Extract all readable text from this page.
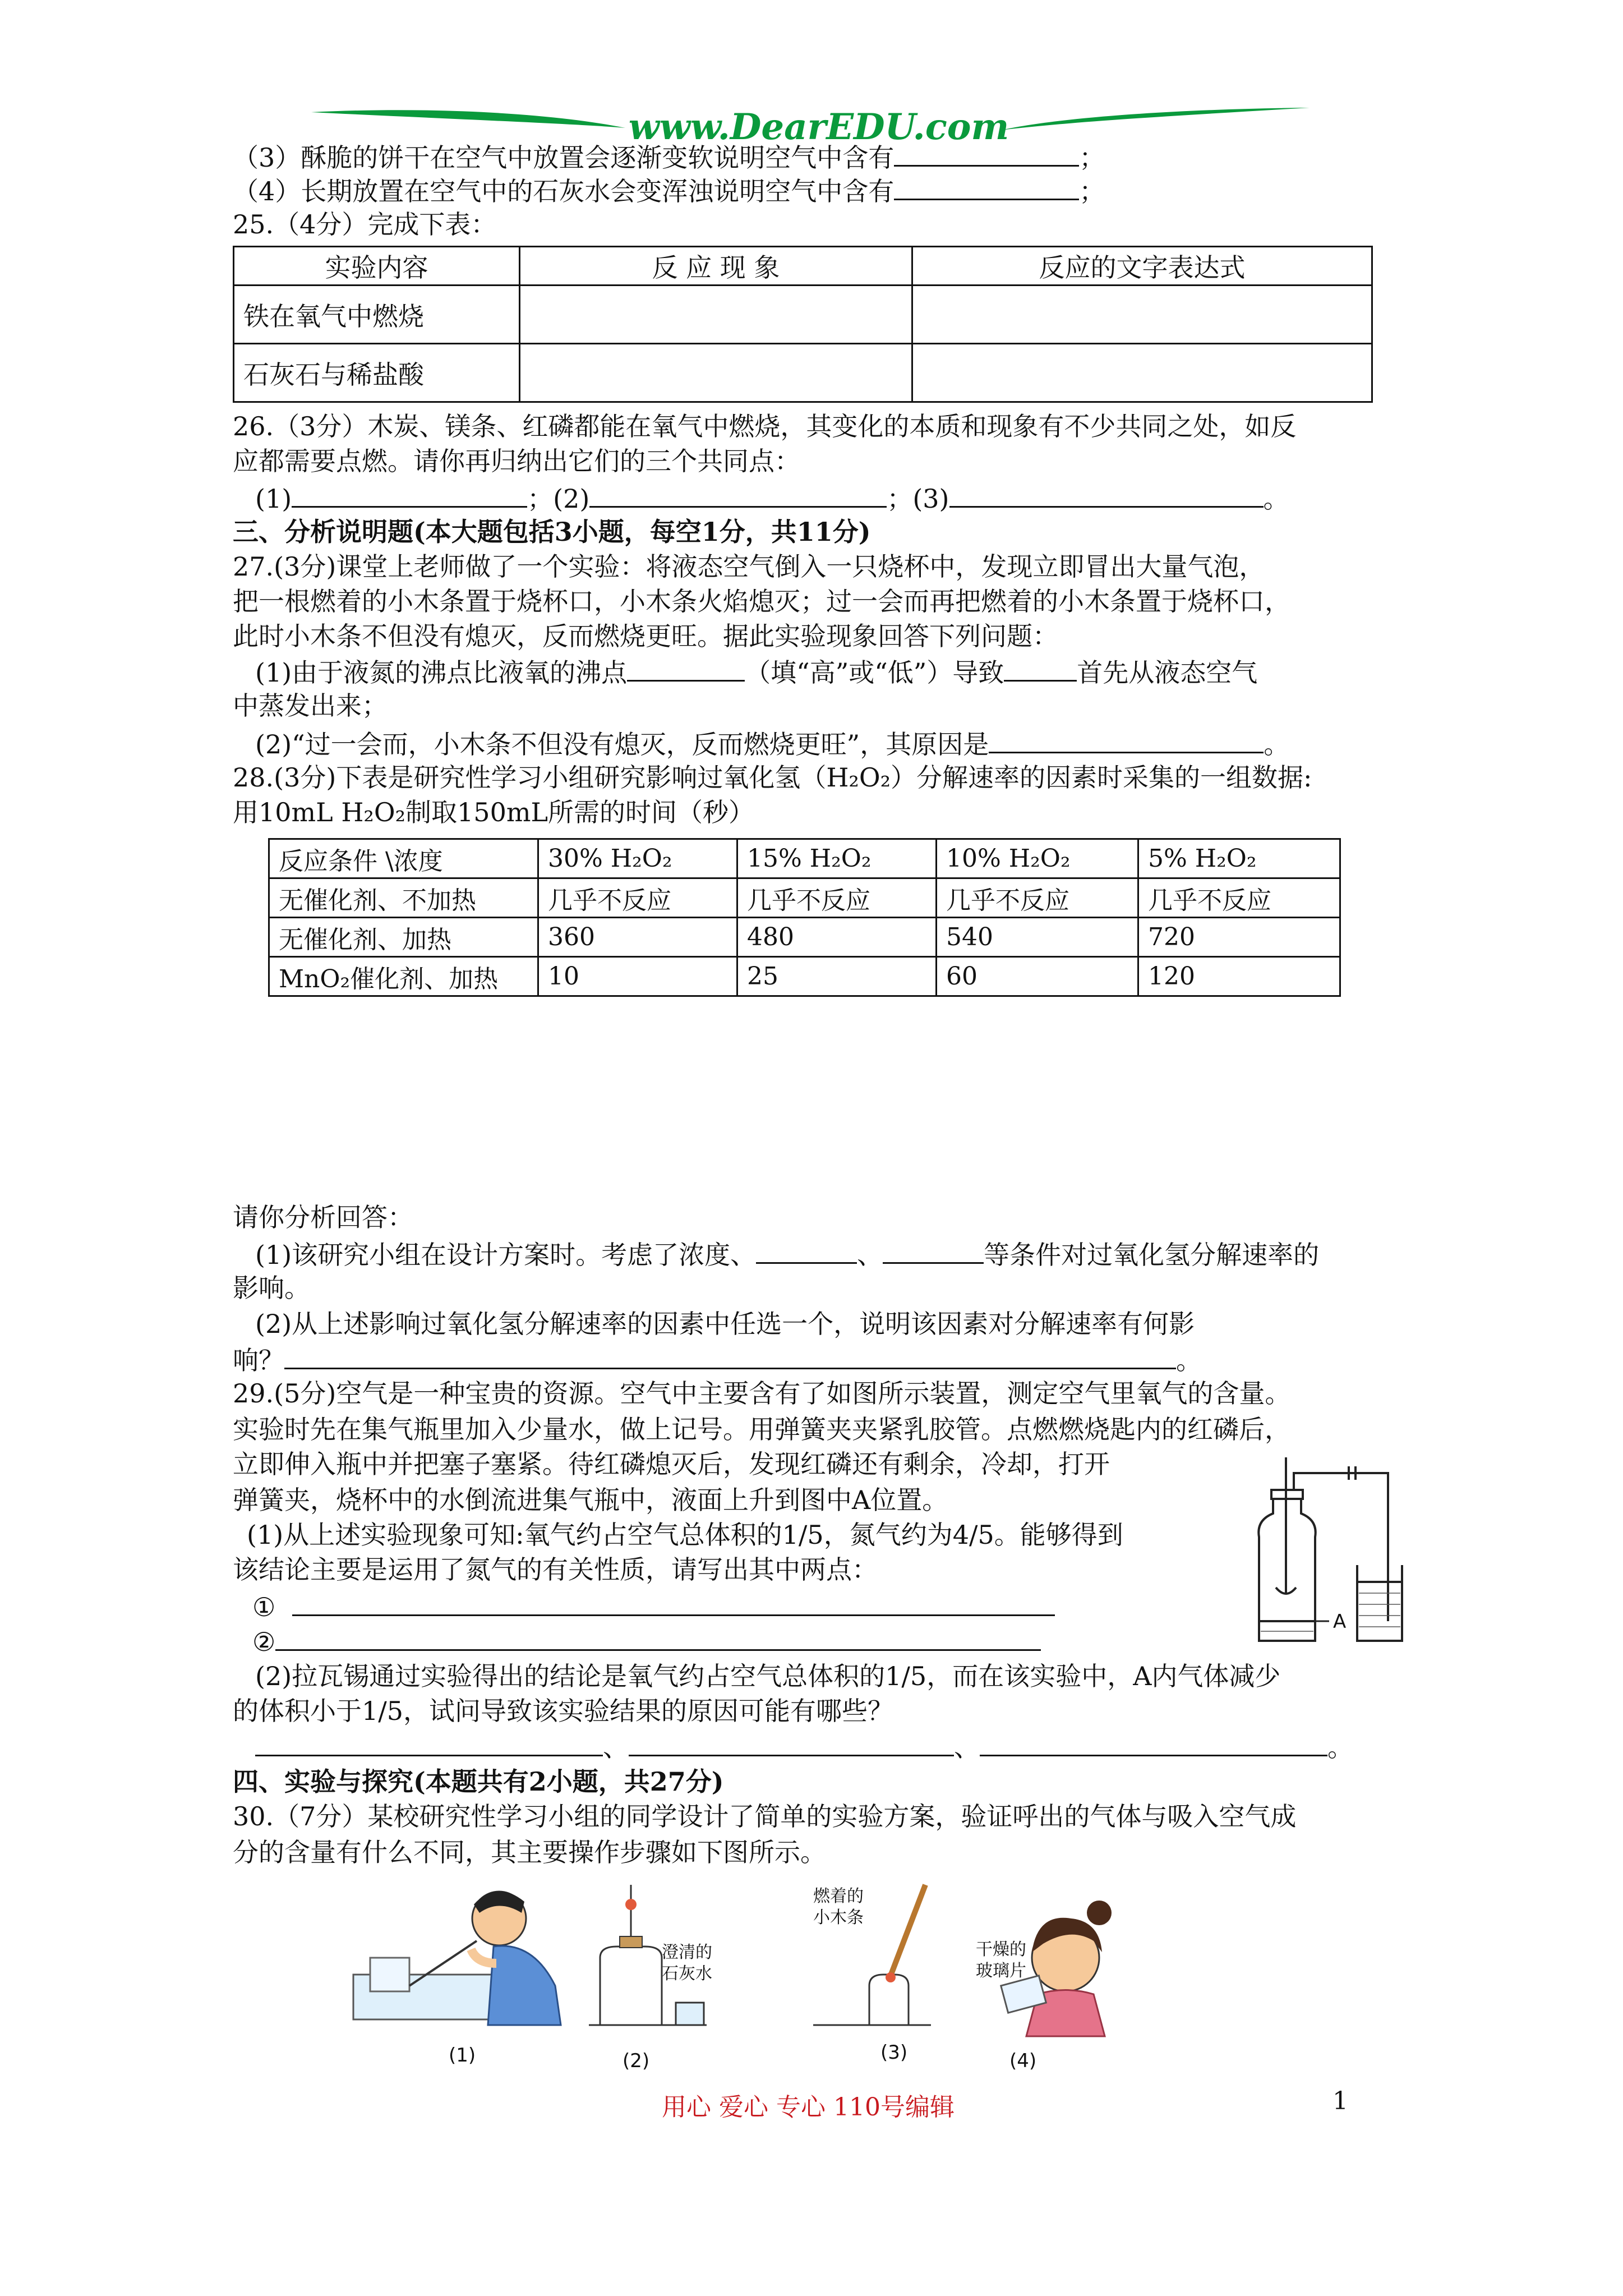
www.DearEDU.com
（3）酥脆的饼干在空气中放置会逐渐变软说明空气中含有	；
（4）长期放置在空气中的石灰水会变浑浊说明空气中含有	；
25.（4分）完成下表：
实验内容	反 应 现 象	反应的文字表达式
铁在氧气中燃烧		
石灰石与稀盐酸		
26.（3分）木炭、镁条、红磷都能在氧气中燃烧，其变化的本质和现象有不少共同之处，如反
应都需要点燃。请你再归纳出它们的三个共同点：
(1)	；(2)	；(3)	。
三、分析说明题(本大题包括3小题，每空1分，共11分)
27.(3分)课堂上老师做了一个实验：将液态空气倒入一只烧杯中，发现立即冒出大量气泡，
把一根燃着的小木条置于烧杯口，小木条火焰熄灭；过一会而再把燃着的小木条置于烧杯口，
此时小木条不但没有熄灭，反而燃烧更旺。据此实验现象回答下列问题：
(1)由于液氮的沸点比液氧的沸点	（填“高”或“低”）导致	首先从液态空气
中蒸发出来；
(2)“过一会而，小木条不但没有熄灭，反而燃烧更旺”，其原因是	。
28.(3分)下表是研究性学习小组研究影响过氧化氢（H₂O₂）分解速率的因素时采集的一组数据:
用10mL H₂O₂制取150mL所需的时间（秒）
反应条件 \浓度	30% H₂O₂	15% H₂O₂	10% H₂O₂	5% H₂O₂
无催化剂、不加热	几乎不反应	几乎不反应	几乎不反应	几乎不反应
无催化剂、加热	360	480	540	720
MnO₂催化剂、加热	10	25	60	120
请你分析回答：
(1)该研究小组在设计方案时。考虑了浓度、	、	等条件对过氧化氢分解速率的
影响。
(2)从上述影响过氧化氢分解速率的因素中任选一个，说明该因素对分解速率有何影
响？	。
29.(5分)空气是一种宝贵的资源。空气中主要含有了如图所示装置，测定空气里氧气的含量。
实验时先在集气瓶里加入少量水，做上记号。用弹簧夹夹紧乳胶管。点燃燃烧匙内的红磷后，
立即伸入瓶中并把塞子塞紧。待红磷熄灭后，发现红磷还有剩余，冷却，打开
弹簧夹，烧杯中的水倒流进集气瓶中，液面上升到图中A位置。
(1)从上述实验现象可知:氧气约占空气总体积的1/5，氮气约为4/5。能够得到
该结论主要是运用了氮气的有关性质，请写出其中两点：
①
②
(2)拉瓦锡通过实验得出的结论是氧气约占空气总体积的1/5，而在该实验中，A内气体减少
的体积小于1/5，试问导致该实验结果的原因可能有哪些？
、	、	。
A
四、实验与探究(本题共有2小题，共27分)
30.（7分）某校研究性学习小组的同学设计了简单的实验方案，验证呼出的气体与吸入空气成
分的含量有什么不同，其主要操作步骤如下图所示。
(1)
澄清的
石灰水
(2)
燃着的
小木条
(3)
干燥的
玻璃片
(4)
用心 爱心 专心 110号编辑	1
